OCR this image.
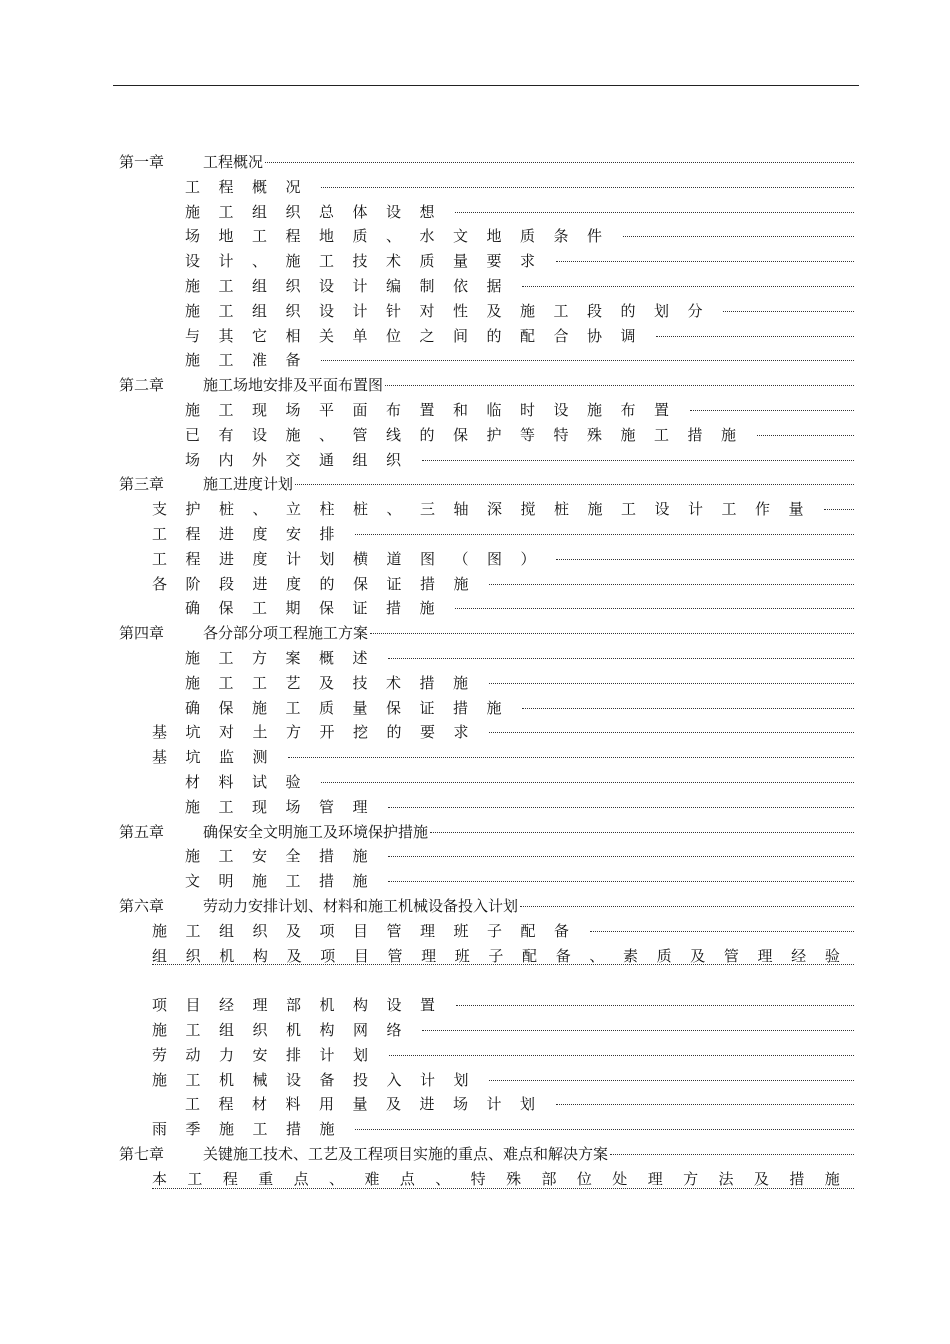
第一章	工程概况
工 程 概 况
施 工 组 织 总 体 设 想
场 地 工 程 地 质 、 水 文 地 质 条 件
设 计 、 施 工 技 术 质 量 要 求
施 工 组 织 设 计 编 制 依 据
施 工 组 织 设 计 针 对 性 及 施 工 段 的 划 分
与 其 它 相 关 单 位 之 间 的 配 合 协 调
施 工 准 备
第二章	施工场地安排及平面布置图
施 工 现 场 平 面 布 置 和 临 时 设 施 布 置
已 有 设 施 、 管 线 的 保 护 等 特 殊 施 工 措 施
场 内 外 交 通 组 织
第三章	施工进度计划
支 护 桩 、 立 柱 桩 、 三 轴 深 搅 桩 施 工 设 计 工 作 量
工 程 进 度 安 排
工 程 进 度 计 划 横 道 图 （ 图 ）
各 阶 段 进 度 的 保 证 措 施
确 保 工 期 保 证 措 施
第四章	各分部分项工程施工方案
施 工 方 案 概 述
施 工 工 艺 及 技 术 措 施
确 保 施 工 质 量 保 证 措 施
基 坑 对 土 方 开 挖 的 要 求
基 坑 监 测
材 料 试 验
施 工 现 场 管 理
第五章	确保安全文明施工及环境保护措施
施 工 安 全 措 施
文 明 施 工 措 施
第六章	劳动力安排计划、材料和施工机械设备投入计划
施 工 组 织 及 项 目 管 理 班 子 配 备
组 织 机 构 及 项 目 管 理 班 子 配 备 、 素 质 及 管 理 经 验
项 目 经 理 部 机 构 设 置
施 工 组 织 机 构 网 络
劳 动 力 安 排 计 划
施 工 机 械 设 备 投 入 计 划
工 程 材 料 用 量 及 进 场 计 划
雨 季 施 工 措 施
第七章	关键施工技术、工艺及工程项目实施的重点、难点和解决方案
本 工 程 重 点 、 难 点 、 特 殊 部 位 处 理 方 法 及 措 施
